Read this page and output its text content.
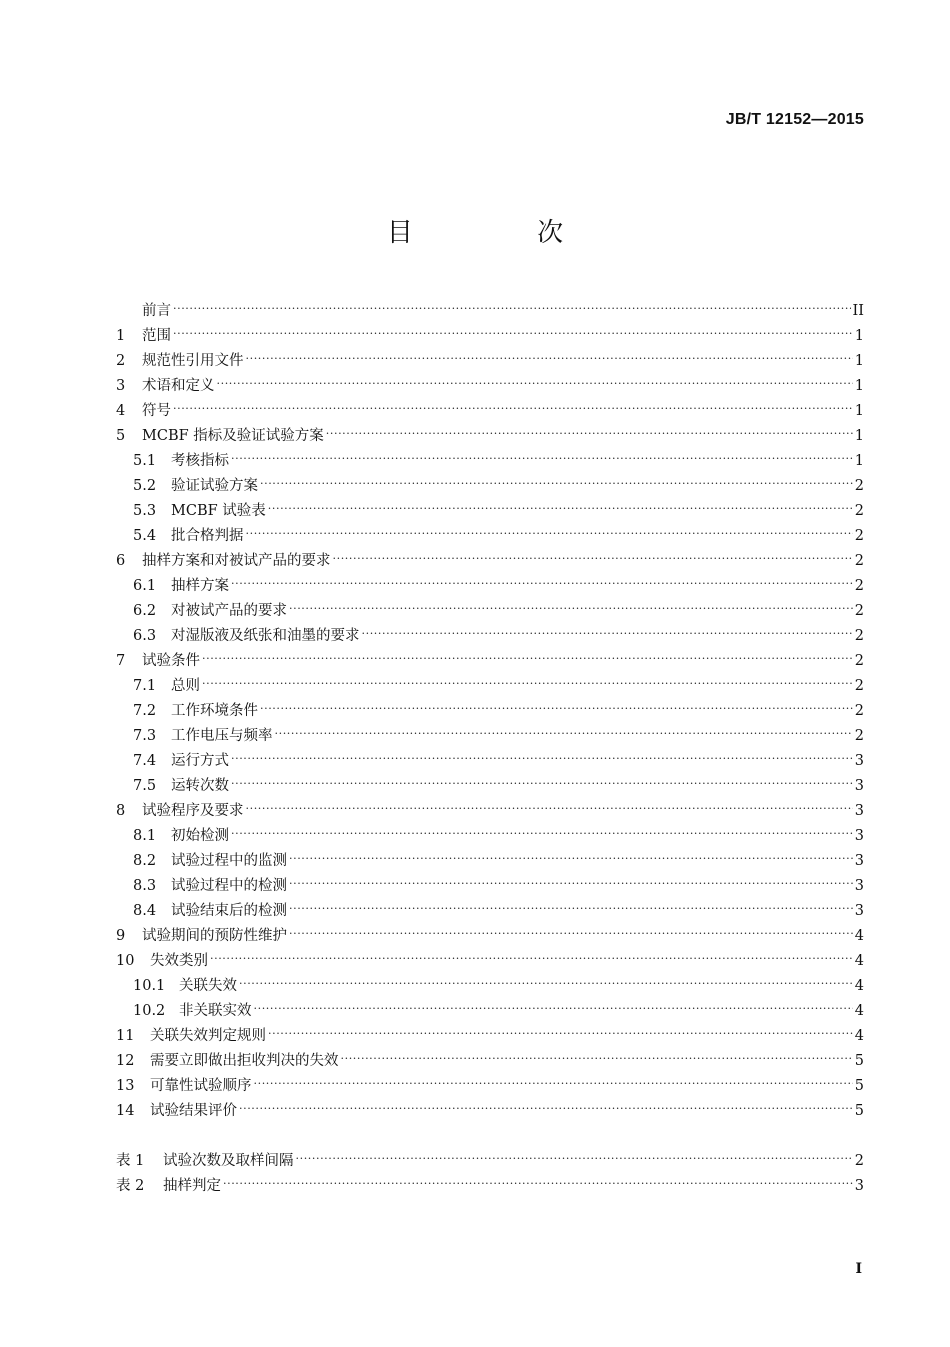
JB/T 12152—2015
目 次
前言 .....	II
1	范围 .....	1
2	规范性引用文件 .....	1
3	术语和定义 .....	1
4	符号 .....	1
5	MCBF 指标及验证试验方案 .....	1
5.1	考核指标 .....	1
5.2	验证试验方案 .....	2
5.3	MCBF 试验表 .....	2
5.4	批合格判据 .....	2
6	抽样方案和对被试产品的要求 .....	2
6.1	抽样方案 .....	2
6.2	对被试产品的要求 .....	2
6.3	对湿版液及纸张和油墨的要求 .....	2
7	试验条件 .....	2
7.1	总则 .....	2
7.2	工作环境条件 .....	2
7.3	工作电压与频率 .....	2
7.4	运行方式 .....	3
7.5	运转次数 .....	3
8	试验程序及要求 .....	3
8.1	初始检测 .....	3
8.2	试验过程中的监测 .....	3
8.3	试验过程中的检测 .....	3
8.4	试验结束后的检测 .....	3
9	试验期间的预防性维护 .....	4
10	失效类别 .....	4
10.1 关联失效 .....	4
10.2 非关联实效 .....	4
11	关联失效判定规则 .....	4
12	需要立即做出拒收判决的失效 .....	5
13	可靠性试验顺序 .....	5
14	试验结果评价 .....	5
表 1	试验次数及取样间隔 .....	2
表 2	抽样判定 .....	3
I
